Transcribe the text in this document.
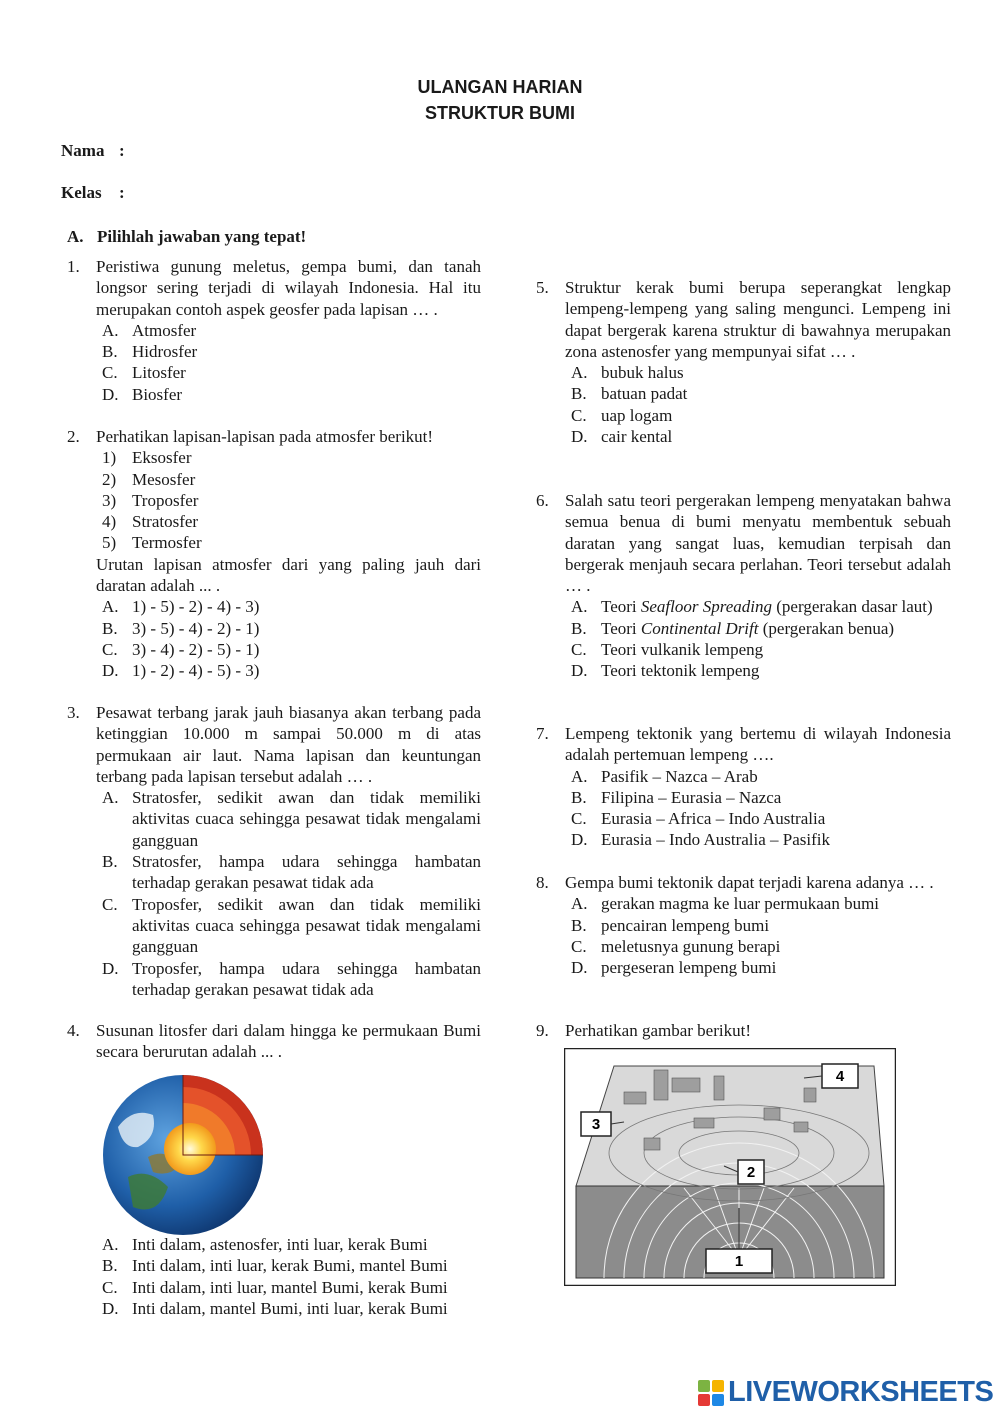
ULANGAN HARIAN
STRUKTUR BUMI
Nama :
Kelas :
A. Pilihlah jawaban yang tepat!
1. Peristiwa gunung meletus, gempa bumi, dan tanah longsor sering terjadi di wilayah Indonesia. Hal itu merupakan contoh aspek geosfer pada lapisan … .
A. Atmosfer
B. Hidrosfer
C. Litosfer
D. Biosfer
2. Perhatikan lapisan-lapisan pada atmosfer berikut!
1) Eksosfer
2) Mesosfer
3) Troposfer
4) Stratosfer
5) Termosfer
Urutan lapisan atmosfer dari yang paling jauh dari daratan adalah ... .
A. 1) - 5) - 2) - 4) - 3)
B. 3) - 5) - 4) - 2) - 1)
C. 3) - 4) - 2) - 5) - 1)
D. 1) - 2) - 4) - 5) - 3)
3. Pesawat terbang jarak jauh biasanya akan terbang pada ketinggian 10.000 m sampai 50.000 m di atas permukaan air laut. Nama lapisan dan keuntungan terbang pada lapisan tersebut adalah … .
A. Stratosfer, sedikit awan dan tidak memiliki aktivitas cuaca sehingga pesawat tidak mengalami gangguan
B. Stratosfer, hampa udara sehingga hambatan terhadap gerakan pesawat tidak ada
C. Troposfer, sedikit awan dan tidak memiliki aktivitas cuaca sehingga pesawat tidak mengalami gangguan
D. Troposfer, hampa udara sehingga hambatan terhadap gerakan pesawat tidak ada
4. Susunan litosfer dari dalam hingga ke permukaan Bumi secara berurutan adalah ... .
A. Inti dalam, astenosfer, inti luar, kerak Bumi
B. Inti dalam, inti luar, kerak Bumi, mantel Bumi
C. Inti dalam, inti luar, mantel Bumi, kerak Bumi
D. Inti dalam, mantel Bumi, inti luar, kerak Bumi
5. Struktur kerak bumi berupa seperangkat lengkap lempeng-lempeng yang saling mengunci. Lempeng ini dapat bergerak karena struktur di bawahnya merupakan zona astenosfer yang mempunyai sifat … .
A. bubuk halus
B. batuan padat
C. uap logam
D. cair kental
6. Salah satu teori pergerakan lempeng menyatakan bahwa semua benua di bumi menyatu membentuk sebuah daratan yang sangat luas, kemudian terpisah dan bergerak menjauh secara perlahan. Teori tersebut adalah … .
A. Teori Seafloor Spreading (pergerakan dasar laut)
B. Teori Continental Drift (pergerakan benua)
C. Teori vulkanik lempeng
D. Teori tektonik lempeng
7. Lempeng tektonik yang bertemu di wilayah Indonesia adalah pertemuan lempeng ….
A. Pasifik – Nazca – Arab
B. Filipina – Eurasia – Nazca
C. Eurasia – Africa – Indo Australia
D. Eurasia – Indo Australia – Pasifik
8. Gempa bumi tektonik dapat terjadi karena adanya … .
A. gerakan magma ke luar permukaan bumi
B. pencairan lempeng bumi
C. meletusnya gunung berapi
D. pergeseran lempeng bumi
9. Perhatikan gambar berikut!
1
2
3
4
LIVEWORKSHEETS
